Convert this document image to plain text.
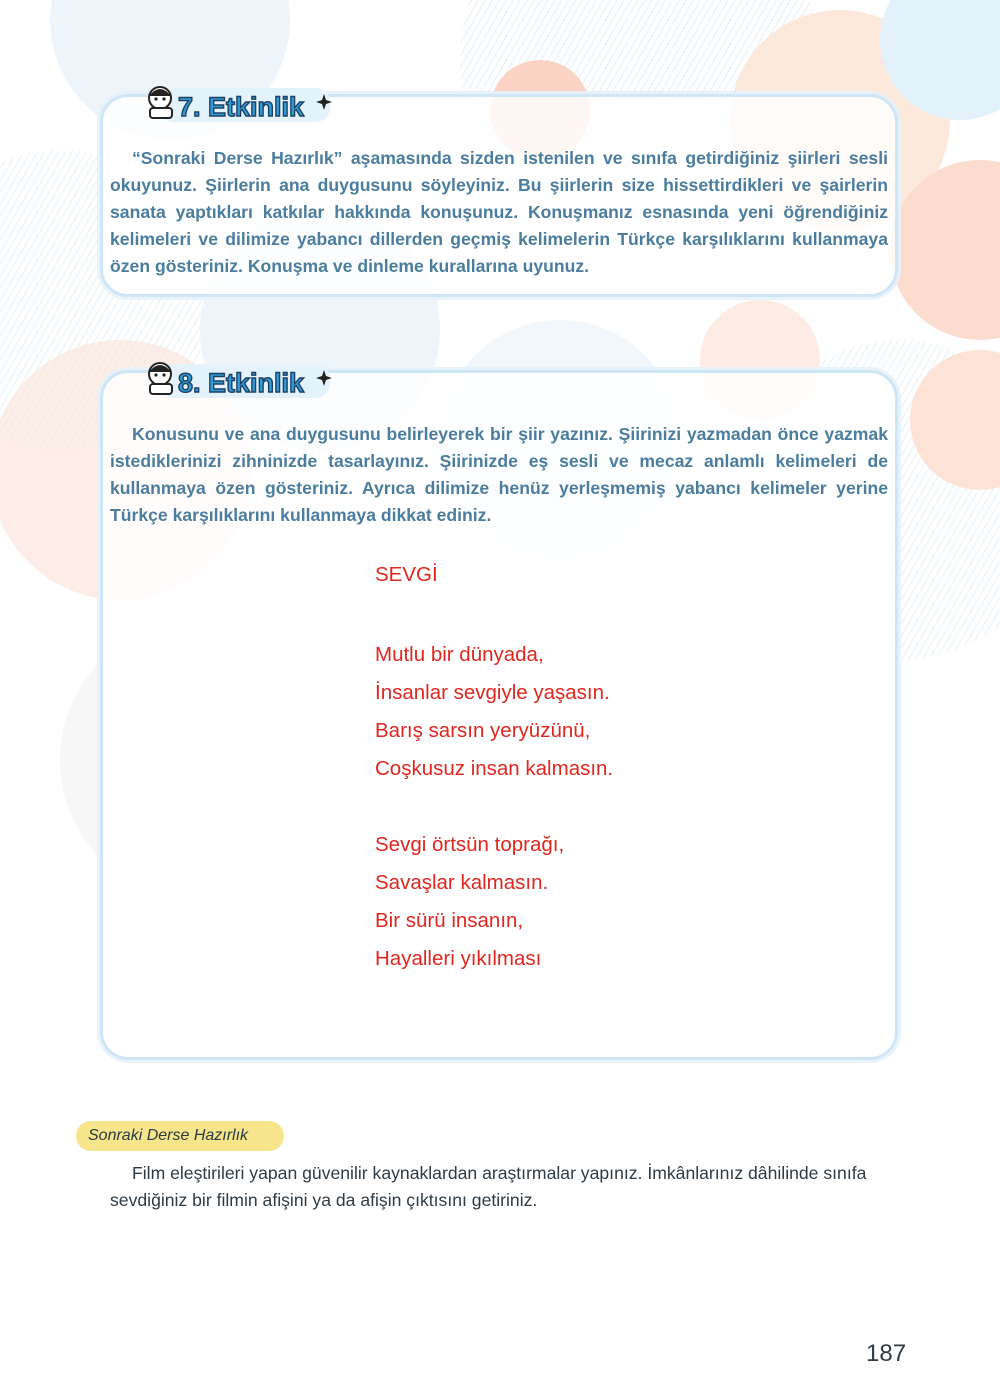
7. Etkinlik

“Sonraki Derse Hazırlık” aşamasında sizden istenilen ve sınıfa getirdiğiniz şiirleri sesli okuyunuz. Şiirlerin ana duygusunu söyleyiniz. Bu şiirlerin size hissettirdikleri ve şairlerin sanata yaptıkları katkılar hakkında konuşunuz. Konuşmanız esnasında yeni öğrendiğiniz kelimeleri ve dilimize yabancı dillerden geçmiş kelimelerin Türkçe karşılıklarını kullanmaya özen gösteriniz. Konuşma ve dinleme kurallarına uyunuz.

8. Etkinlik

Konusunu ve ana duygusunu belirleyerek bir şiir yazınız. Şiirinizi yazmadan önce yazmak istediklerinizi zihninizde tasarlayınız. Şiirinizde eş sesli ve mecaz anlamlı kelimeleri de kullanmaya özen gösteriniz. Ayrıca dilimize henüz yerleşmemiş yabancı kelimeler yerine Türkçe karşılıklarını kullanmaya dikkat ediniz.

SEVGİ
Mutlu bir dünyada,
İnsanlar sevgiyle yaşasın.
Barış sarsın yeryüzünü,
Coşkusuz insan kalmasın.
Sevgi örtsün toprağı,
Savaşlar kalmasın.
Bir sürü insanın,
Hayalleri yıkılması
Sonraki Derse Hazırlık

Film eleştirileri yapan güvenilir kaynaklardan araştırmalar yapınız. İmkânlarınız dâhilinde sınıfa sevdiğiniz bir filmin afişini ya da afişin çıktısını getiriniz.

187
